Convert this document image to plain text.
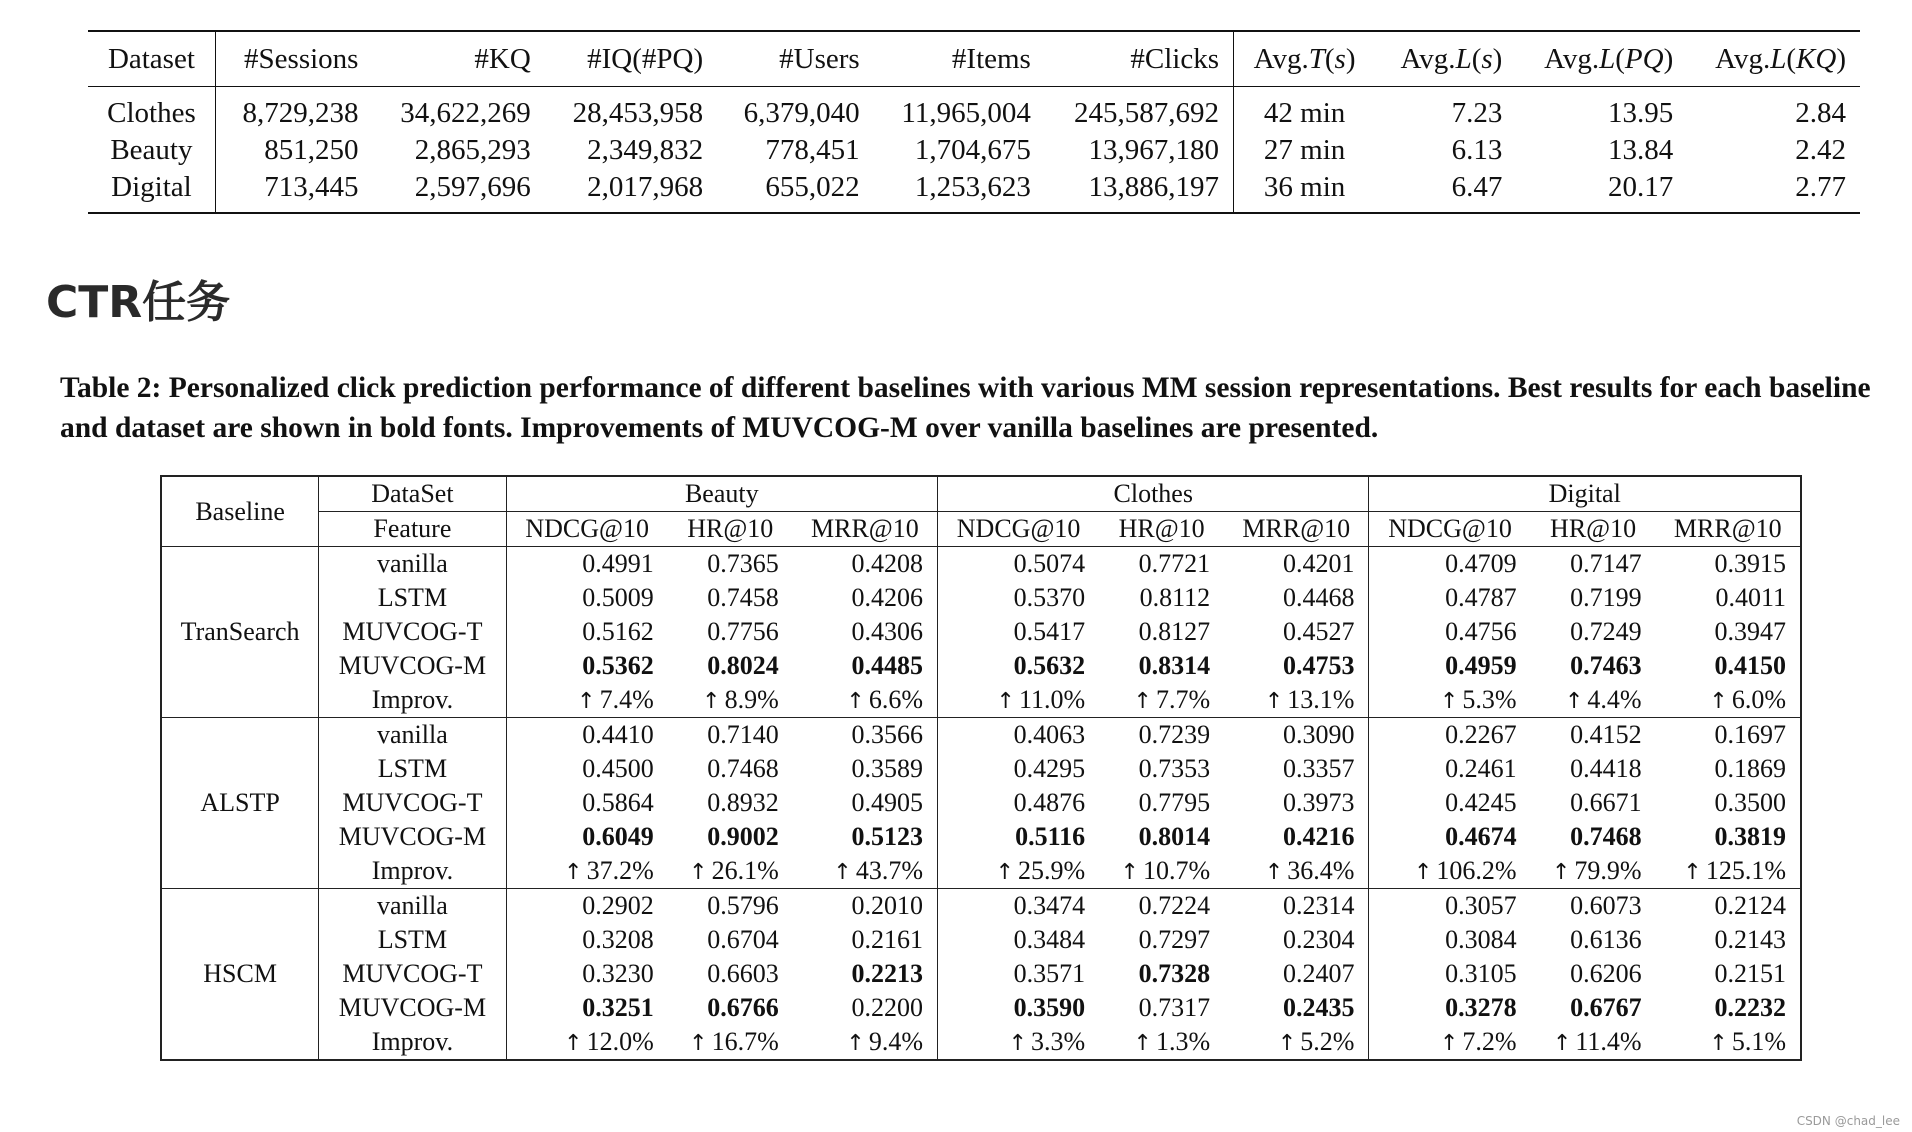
Dataset	#Sessions	#KQ	#IQ(#PQ)	#Users	#Items	#Clicks	Avg.T(s)	Avg.L(s)	Avg.L(PQ)	Avg.L(KQ)
Clothes	8,729,238	34,622,269	28,453,958	6,379,040	11,965,004	245,587,692	42 min	7.23	13.95	2.84
Beauty	851,250	2,865,293	2,349,832	778,451	1,704,675	13,967,180	27 min	6.13	13.84	2.42
Digital	713,445	2,597,696	2,017,968	655,022	1,253,623	13,886,197	36 min	6.47	20.17	2.77
CTR任务

Table 2: Personalized click prediction performance of different baselines with various MM session representations. Best results for each baseline and dataset are shown in bold fonts. Improvements of MUVCOG-M over vanilla baselines are presented.

Baseline	DataSet	Beauty			Clothes			Digital		
	Feature	NDCG@10	HR@10	MRR@10	NDCG@10	HR@10	MRR@10	NDCG@10	HR@10	MRR@10
TranSearch	vanilla	0.4991	0.7365	0.4208	0.5074	0.7721	0.4201	0.4709	0.7147	0.3915
	LSTM	0.5009	0.7458	0.4206	0.5370	0.8112	0.4468	0.4787	0.7199	0.4011
	MUVCOG-T	0.5162	0.7756	0.4306	0.5417	0.8127	0.4527	0.4756	0.7249	0.3947
	MUVCOG-M	0.5362	0.8024	0.4485	0.5632	0.8314	0.4753	0.4959	0.7463	0.4150
	Improv.	↑ 7.4%	↑ 8.9%	↑ 6.6%	↑ 11.0%	↑ 7.7%	↑ 13.1%	↑ 5.3%	↑ 4.4%	↑ 6.0%
ALSTP	vanilla	0.4410	0.7140	0.3566	0.4063	0.7239	0.3090	0.2267	0.4152	0.1697
	LSTM	0.4500	0.7468	0.3589	0.4295	0.7353	0.3357	0.2461	0.4418	0.1869
	MUVCOG-T	0.5864	0.8932	0.4905	0.4876	0.7795	0.3973	0.4245	0.6671	0.3500
	MUVCOG-M	0.6049	0.9002	0.5123	0.5116	0.8014	0.4216	0.4674	0.7468	0.3819
	Improv.	↑ 37.2%	↑ 26.1%	↑ 43.7%	↑ 25.9%	↑ 10.7%	↑ 36.4%	↑ 106.2%	↑ 79.9%	↑ 125.1%
HSCM	vanilla	0.2902	0.5796	0.2010	0.3474	0.7224	0.2314	0.3057	0.6073	0.2124
	LSTM	0.3208	0.6704	0.2161	0.3484	0.7297	0.2304	0.3084	0.6136	0.2143
	MUVCOG-T	0.3230	0.6603	0.2213	0.3571	0.7328	0.2407	0.3105	0.6206	0.2151
	MUVCOG-M	0.3251	0.6766	0.2200	0.3590	0.7317	0.2435	0.3278	0.6767	0.2232
	Improv.	↑ 12.0%	↑ 16.7%	↑ 9.4%	↑ 3.3%	↑ 1.3%	↑ 5.2%	↑ 7.2%	↑ 11.4%	↑ 5.1%
CSDN @chad_lee
